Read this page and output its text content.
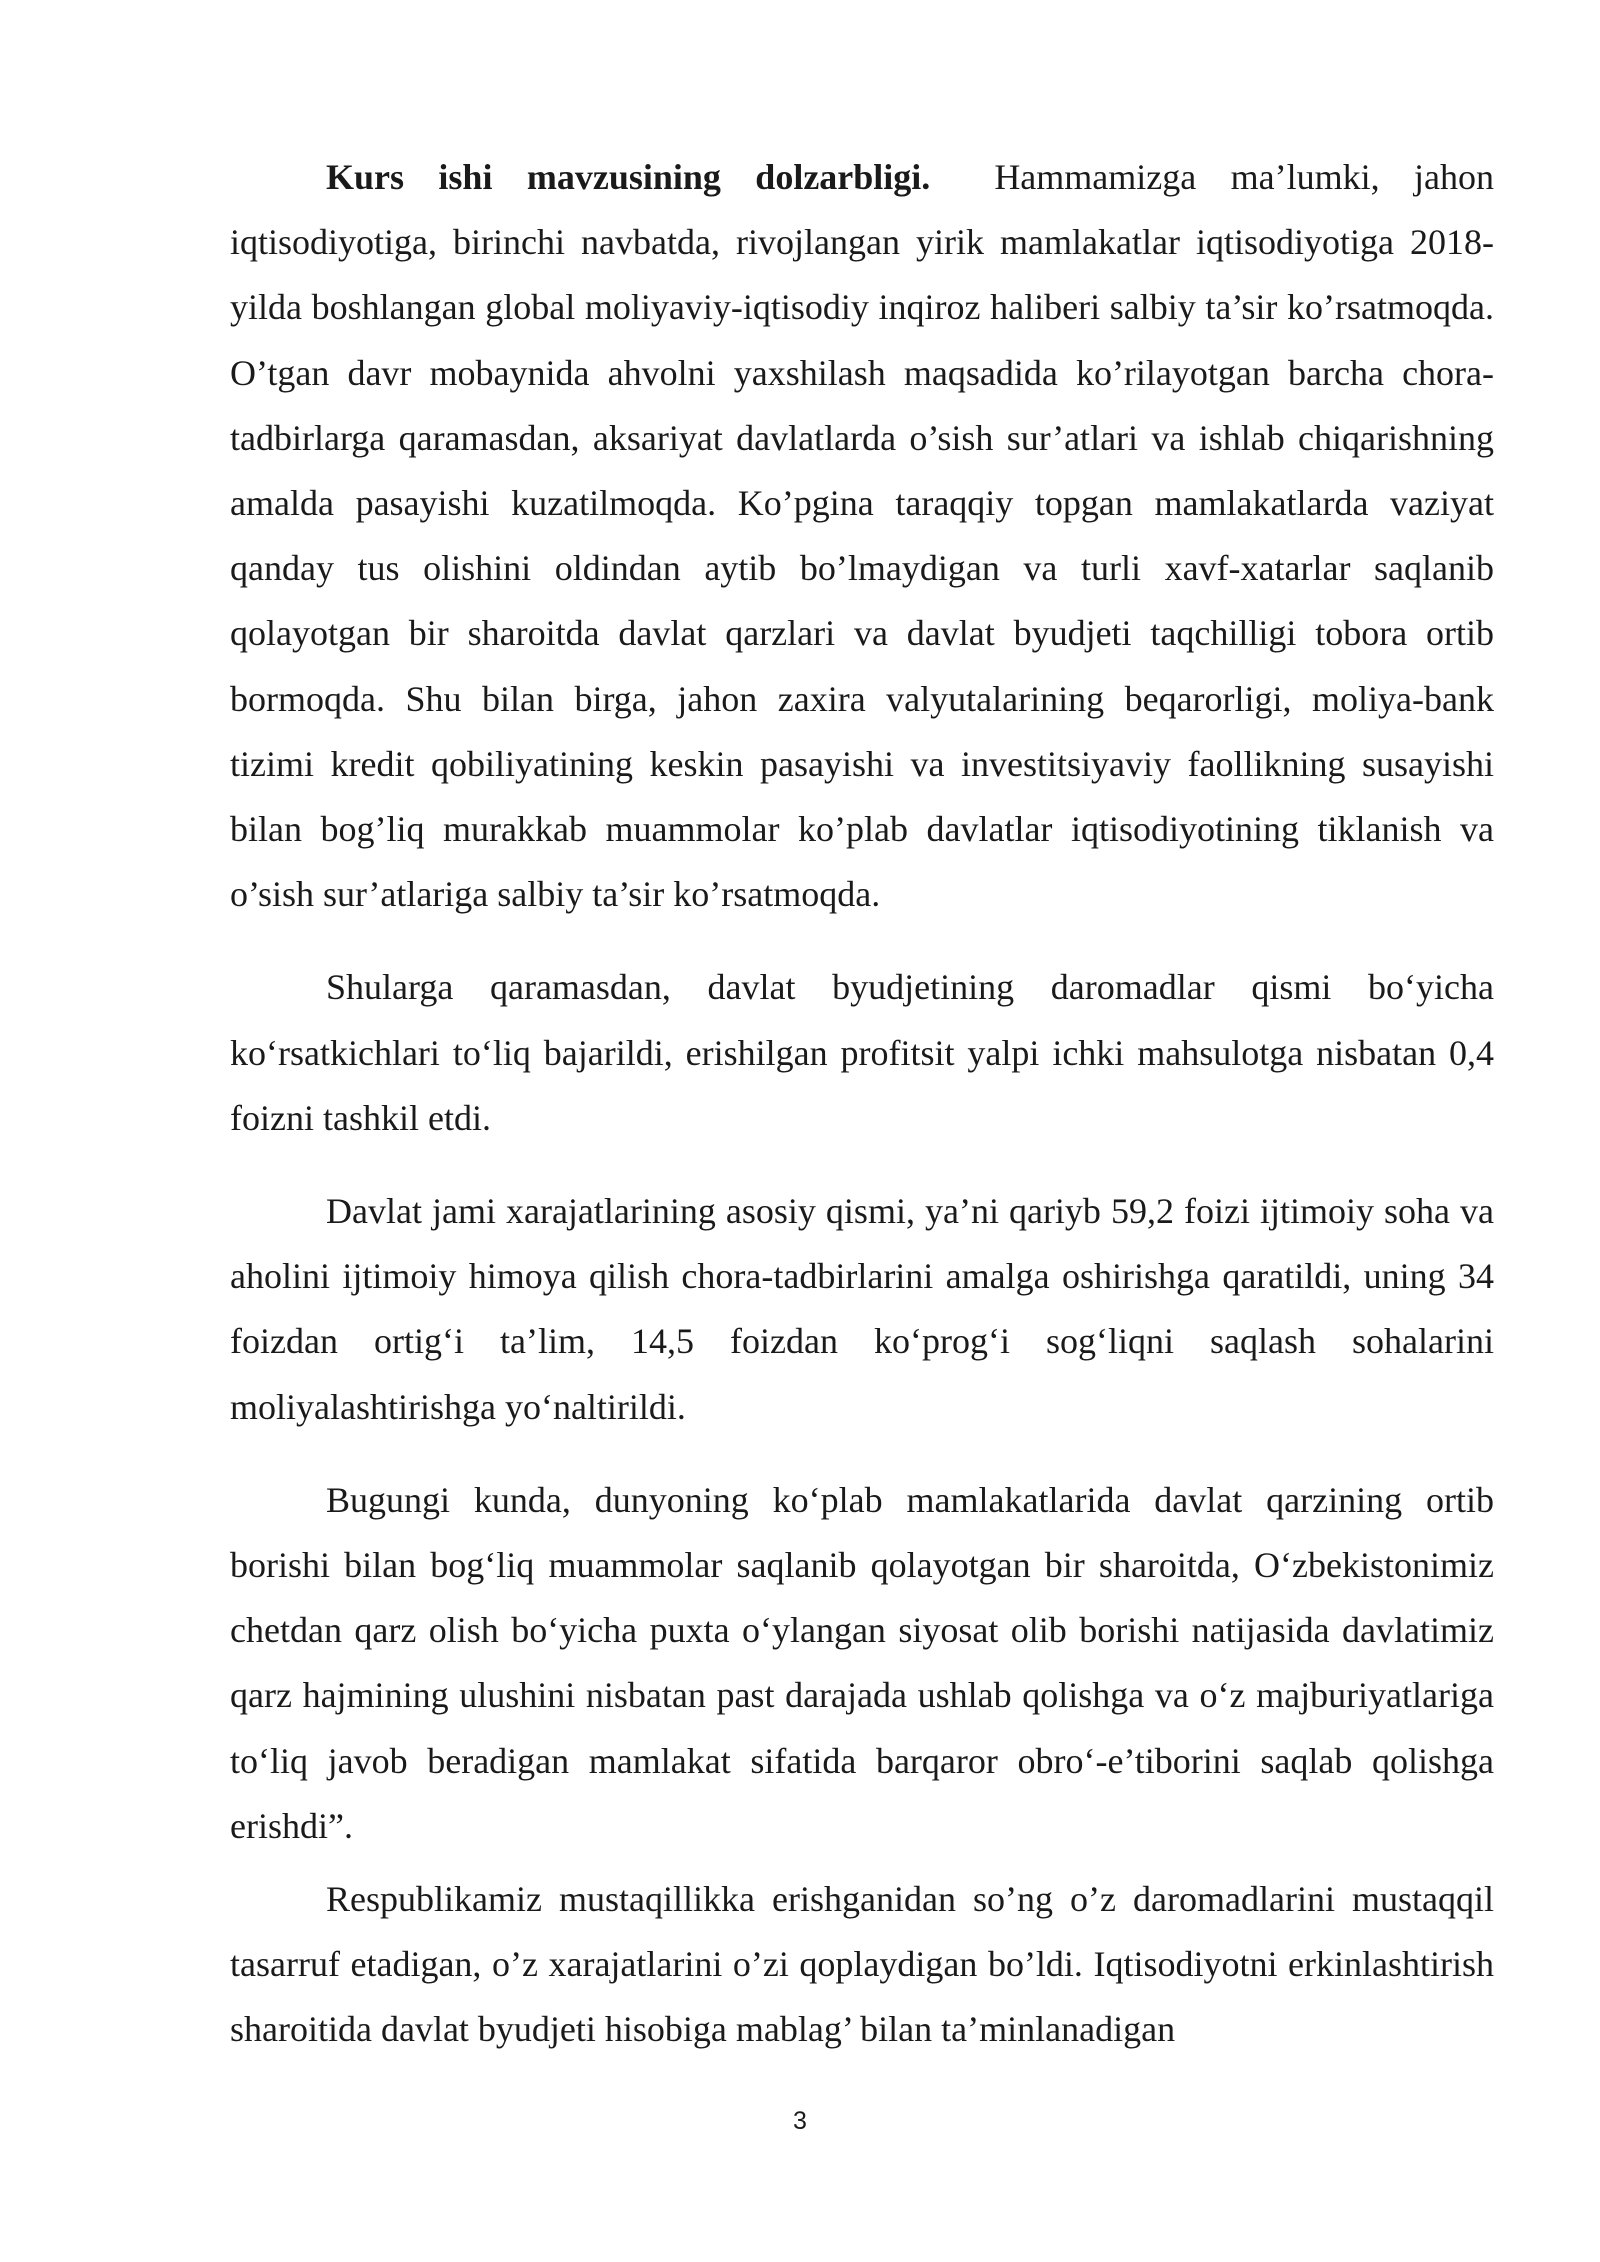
Kurs ishi mavzusining dolzarbligi. Hammamizga ma’lumki, jahon iqtisodiyotiga, birinchi navbatda, rivojlangan yirik mamlakatlar iqtisodiyotiga 2018-yilda boshlangan global moliyaviy-iqtisodiy inqiroz haliberi salbiy ta’sir ko’rsatmoqda. O’tgan davr mobaynida ahvolni yaxshilash maqsadida ko’rilayotgan barcha chora-tadbirlarga qaramasdan, aksariyat davlatlarda o’sish sur’atlari va ishlab chiqarishning amalda pasayishi kuzatilmoqda. Ko’pgina taraqqiy topgan mamlakatlarda vaziyat qanday tus olishini oldindan aytib bo’lmaydigan va turli xavf-xatarlar saqlanib qolayotgan bir sharoitda davlat qarzlari va davlat byudjeti taqchilligi tobora ortib bormoqda. Shu bilan birga, jahon zaxira valyutalarining beqarorligi, moliya-bank tizimi kredit qobiliyatining keskin pasayishi va investitsiyaviy faollikning susayishi bilan bog’liq murakkab muammolar ko’plab davlatlar iqtisodiyotining tiklanish va o’sish sur’atlariga salbiy ta’sir ko’rsatmoqda.

Shularga qaramasdan, davlat byudjetining daromadlar qismi bo‘yicha ko‘rsatkichlari to‘liq bajarildi, erishilgan profitsit yalpi ichki mahsulotga nisbatan 0,4 foizni tashkil etdi.

Davlat jami xarajatlarining asosiy qismi, ya’ni qariyb 59,2 foizi ijtimoiy soha va aholini ijtimoiy himoya qilish chora-tadbirlarini amalga oshirishga qaratildi, uning 34 foizdan ortig‘i ta’lim, 14,5 foizdan ko‘prog‘i sog‘liqni saqlash sohalarini moliyalashtirishga yo‘naltirildi.

Bugungi kunda, dunyoning ko‘plab mamlakatlarida davlat qarzining ortib borishi bilan bog‘liq muammolar saqlanib qolayotgan bir sharoitda, O‘zbekistonimiz chetdan qarz olish bo‘yicha puxta o‘ylangan siyosat olib borishi natijasida davlatimiz qarz hajmining ulushini nisbatan past darajada ushlab qolishga va o‘z majburiyatlariga to‘liq javob beradigan mamlakat sifatida barqaror obro‘-e’tiborini saqlab qolishga erishdi”.

Respublikamiz mustaqillikka erishganidan so’ng o’z daromadlarini mustaqqil tasarruf etadigan, o’z xarajatlarini o’zi qoplaydigan bo’ldi. Iqtisodiyotni erkinlashtirish sharoitida davlat byudjeti hisobiga mablag’ bilan ta’minlanadigan

3
